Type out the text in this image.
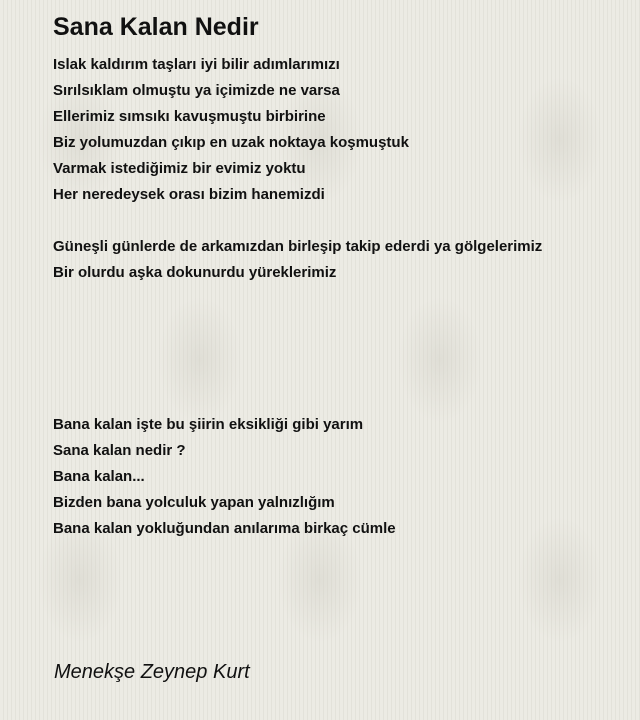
Sana Kalan Nedir
Islak kaldırım taşları iyi bilir adımlarımızı
Sırılsıklam olmuştu ya içimizde ne varsa
Ellerimiz sımsıkı kavuşmuştu birbirine
Biz yolumuzdan çıkıp en uzak noktaya koşmuştuk
Varmak istediğimiz bir evimiz yoktu
Her neredeysek orası bizim hanemizdi
Güneşli günlerde de arkamızdan birleşip takip ederdi ya gölgelerimiz
Bir olurdu aşka dokunurdu yüreklerimiz
Bana kalan işte bu şiirin eksikliği gibi yarım
Sana kalan nedir ?
Bana kalan...
Bizden bana yolculuk yapan yalnızlığım
Bana kalan yokluğundan anılarıma birkaç cümle

Menekşe Zeynep Kurt
